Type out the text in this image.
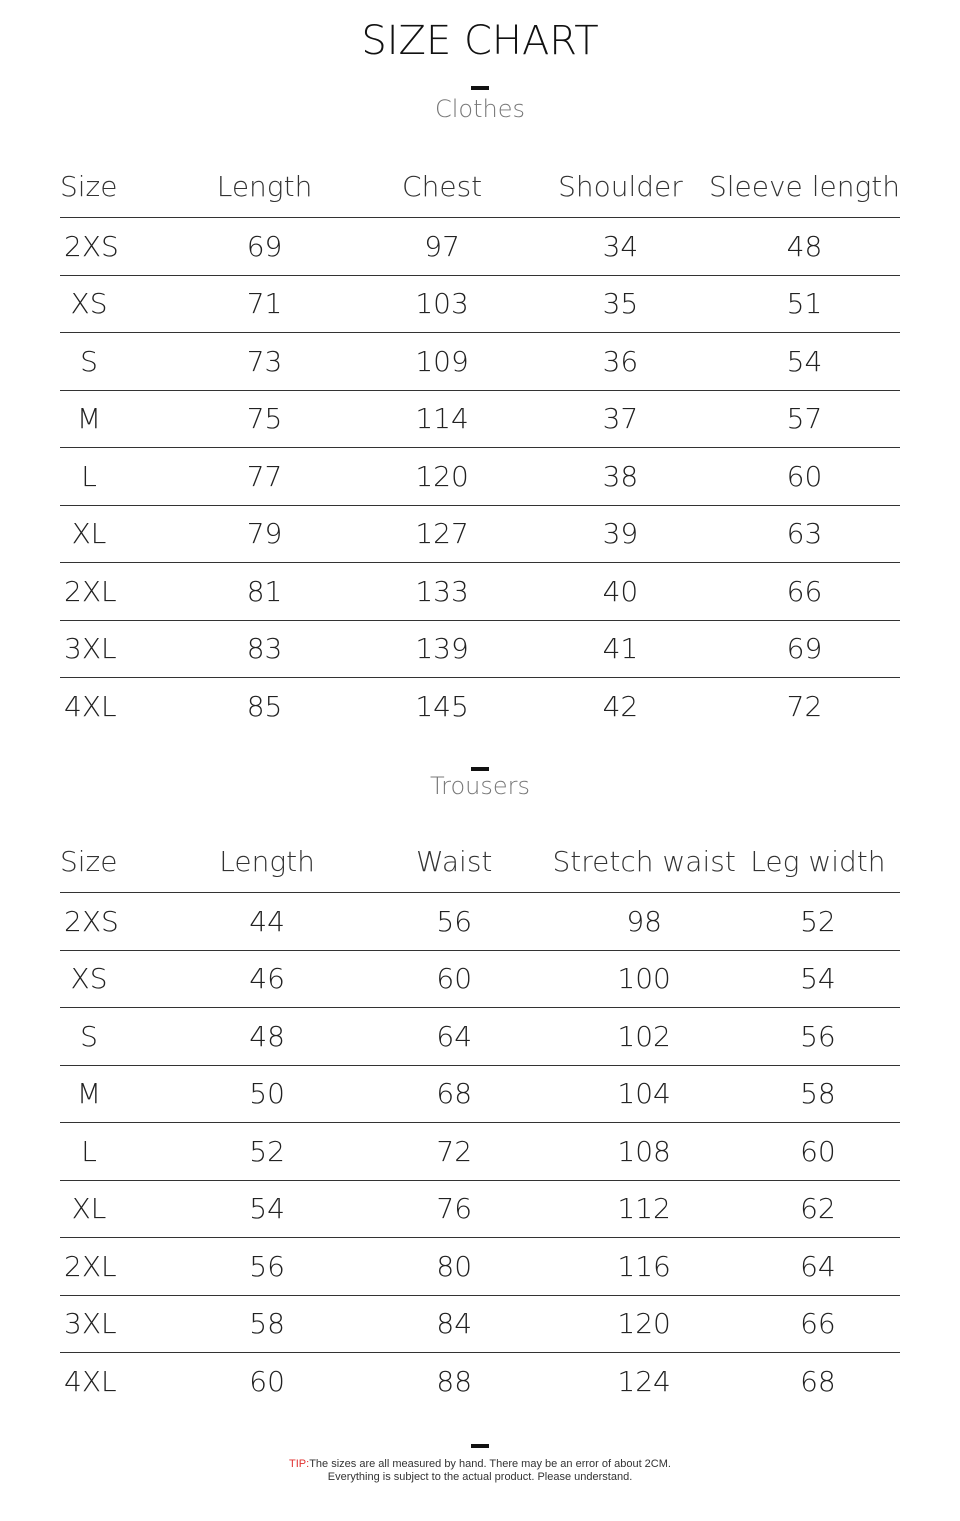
SIZE CHART
Clothes
Size	Length	Chest	Shoulder	Sleeve length
2XS	69	97	34	48
XS	71	103	35	51
S	73	109	36	54
M	75	114	37	57
L	77	120	38	60
XL	79	127	39	63
2XL	81	133	40	66
3XL	83	139	41	69
4XL	85	145	42	72
Trousers
Size	Length	Waist	Stretch waist	Leg width
2XS	44	56	98	52
XS	46	60	100	54
S	48	64	102	56
M	50	68	104	58
L	52	72	108	60
XL	54	76	112	62
2XL	56	80	116	64
3XL	58	84	120	66
4XL	60	88	124	68
TIP:The sizes are all measured by hand. There may be an error of about 2CM.
Everything is subject to the actual product. Please understand.
